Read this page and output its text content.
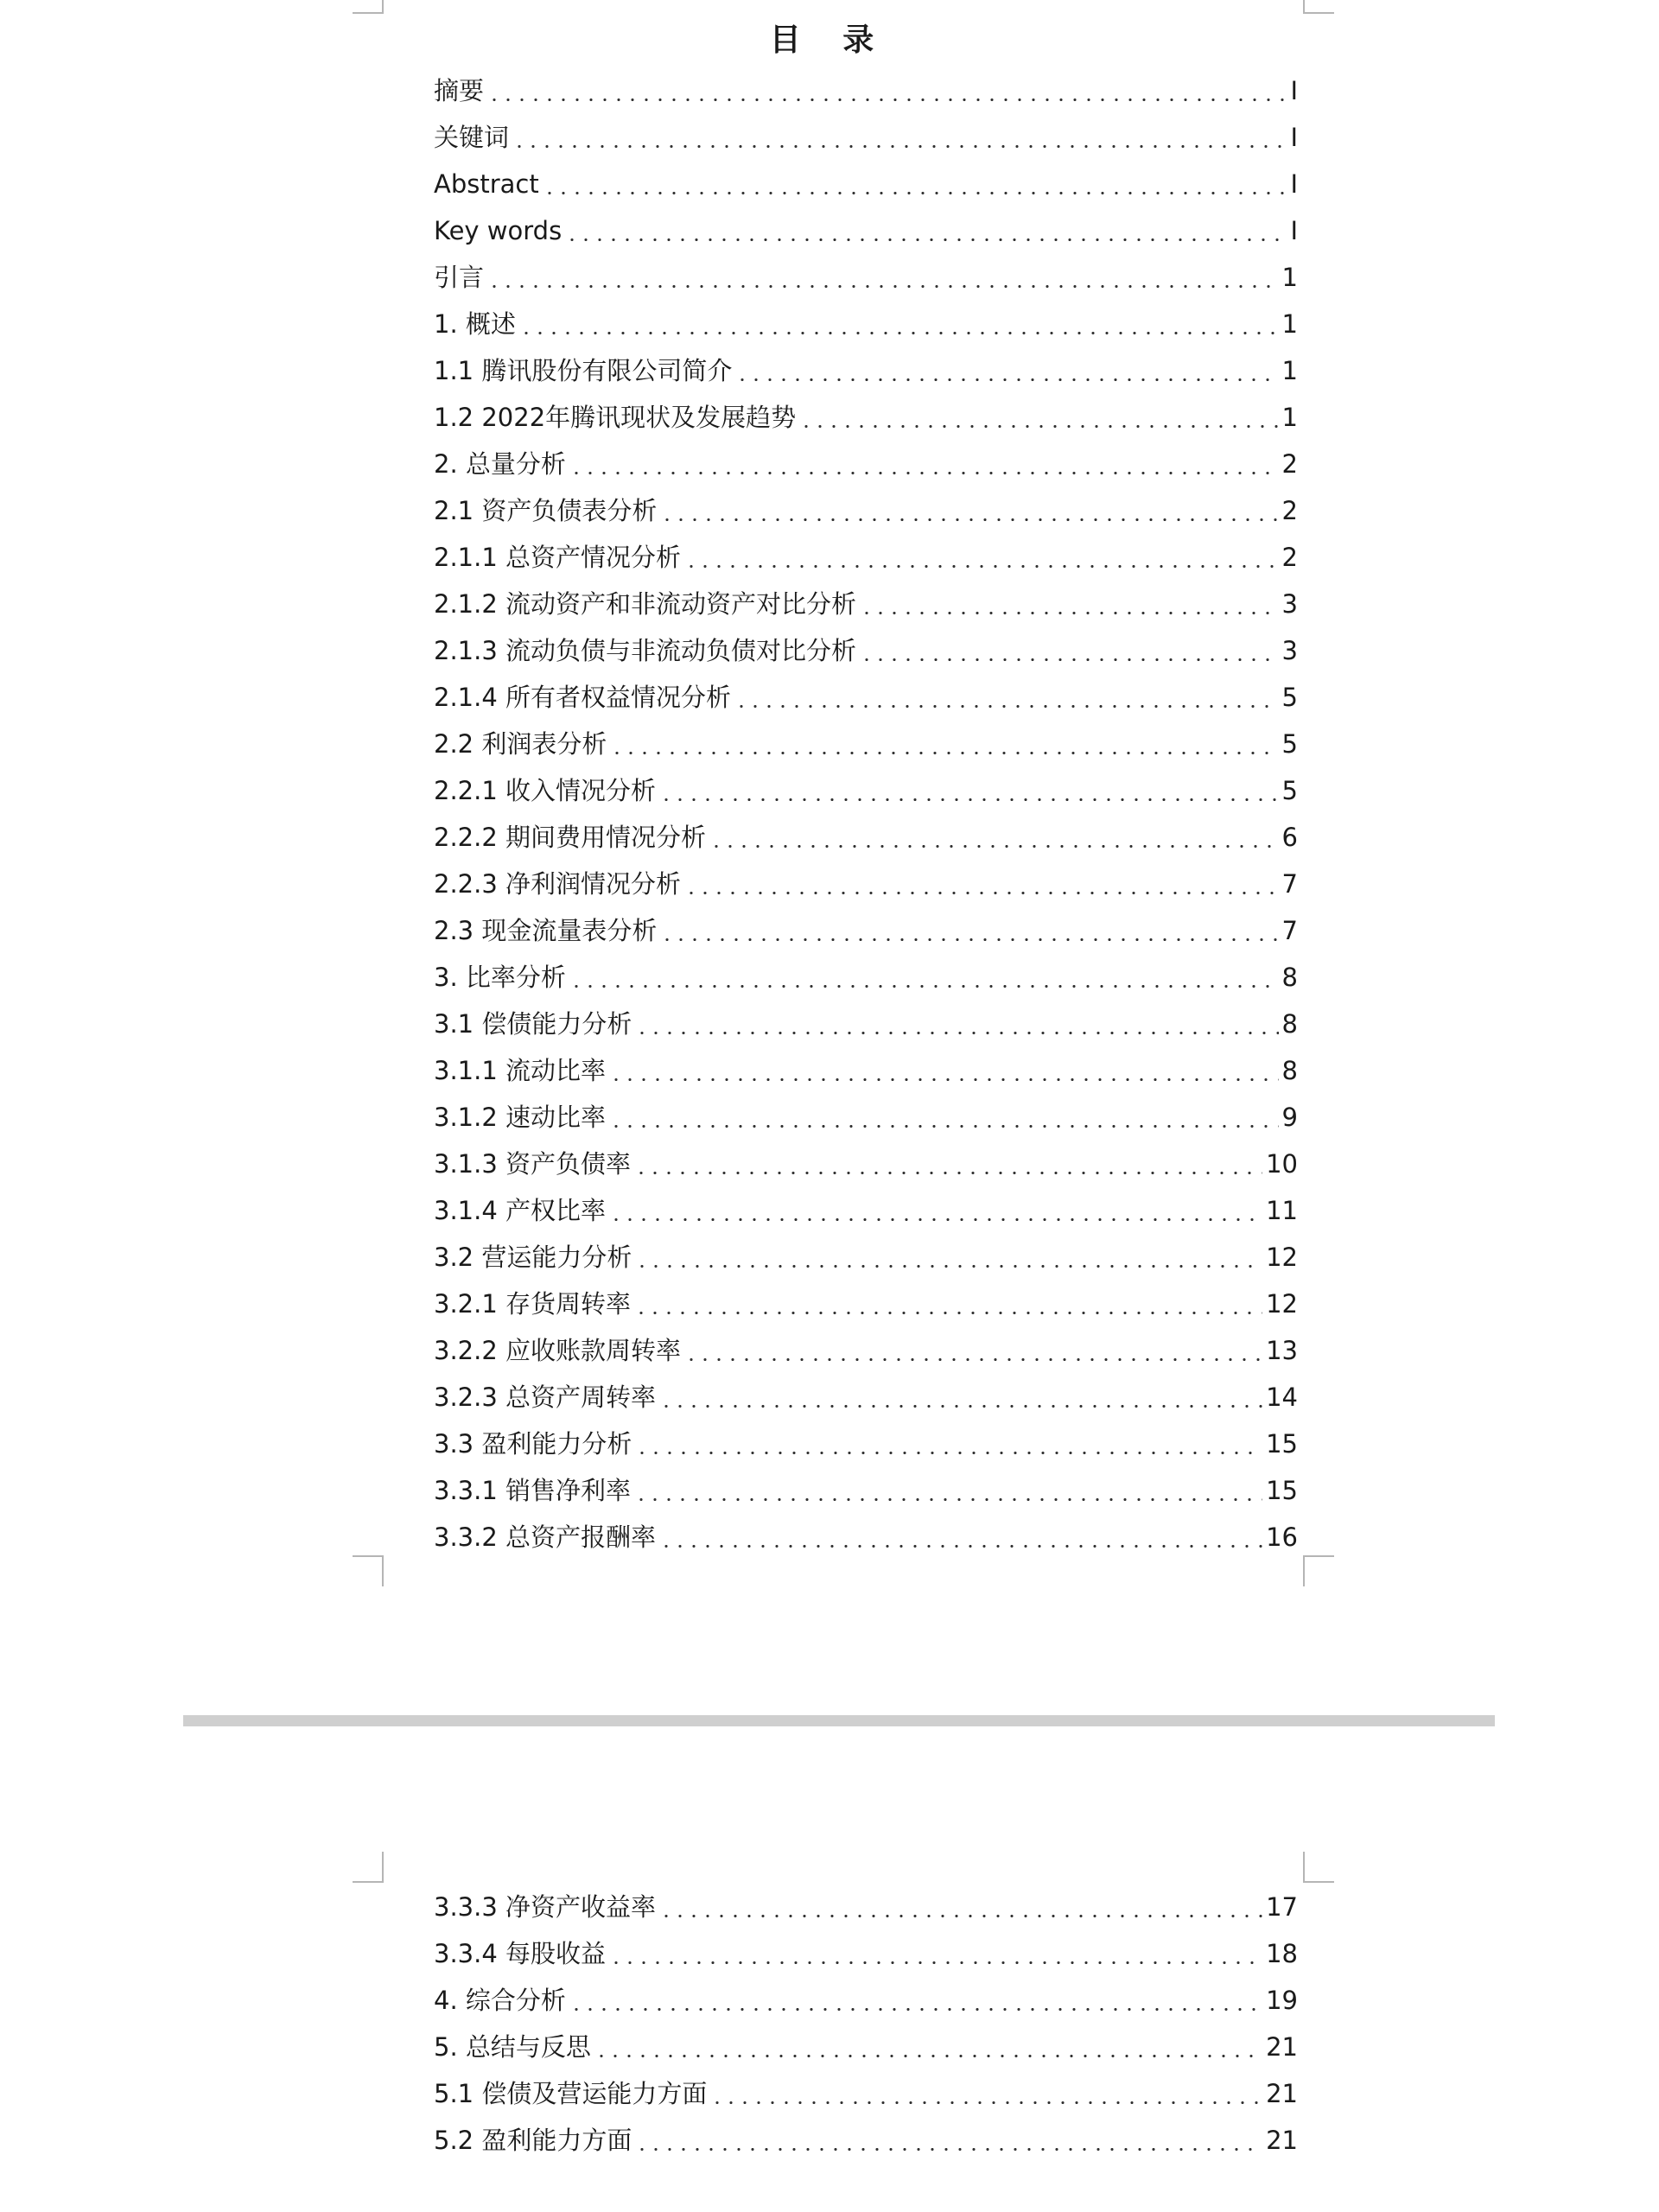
目 录
摘要	I
关键词	I
Abstract	I
Key words	I
引言	1
1. 概述	1
1.1 腾讯股份有限公司简介	1
1.2 2022年腾讯现状及发展趋势	1
2. 总量分析	2
2.1 资产负债表分析	2
2.1.1 总资产情况分析	2
2.1.2 流动资产和非流动资产对比分析	3
2.1.3 流动负债与非流动负债对比分析	3
2.1.4 所有者权益情况分析	5
2.2 利润表分析	5
2.2.1 收入情况分析	5
2.2.2 期间费用情况分析	6
2.2.3 净利润情况分析	7
2.3 现金流量表分析	7
3. 比率分析	8
3.1 偿债能力分析	8
3.1.1 流动比率	8
3.1.2 速动比率	9
3.1.3 资产负债率	10
3.1.4 产权比率	11
3.2 营运能力分析	12
3.2.1 存货周转率	12
3.2.2 应收账款周转率	13
3.2.3 总资产周转率	14
3.3 盈利能力分析	15
3.3.1 销售净利率	15
3.3.2 总资产报酬率	16
3.3.3 净资产收益率	17
3.3.4 每股收益	18
4. 综合分析	19
5. 总结与反思	21
5.1 偿债及营运能力方面	21
5.2 盈利能力方面	21
